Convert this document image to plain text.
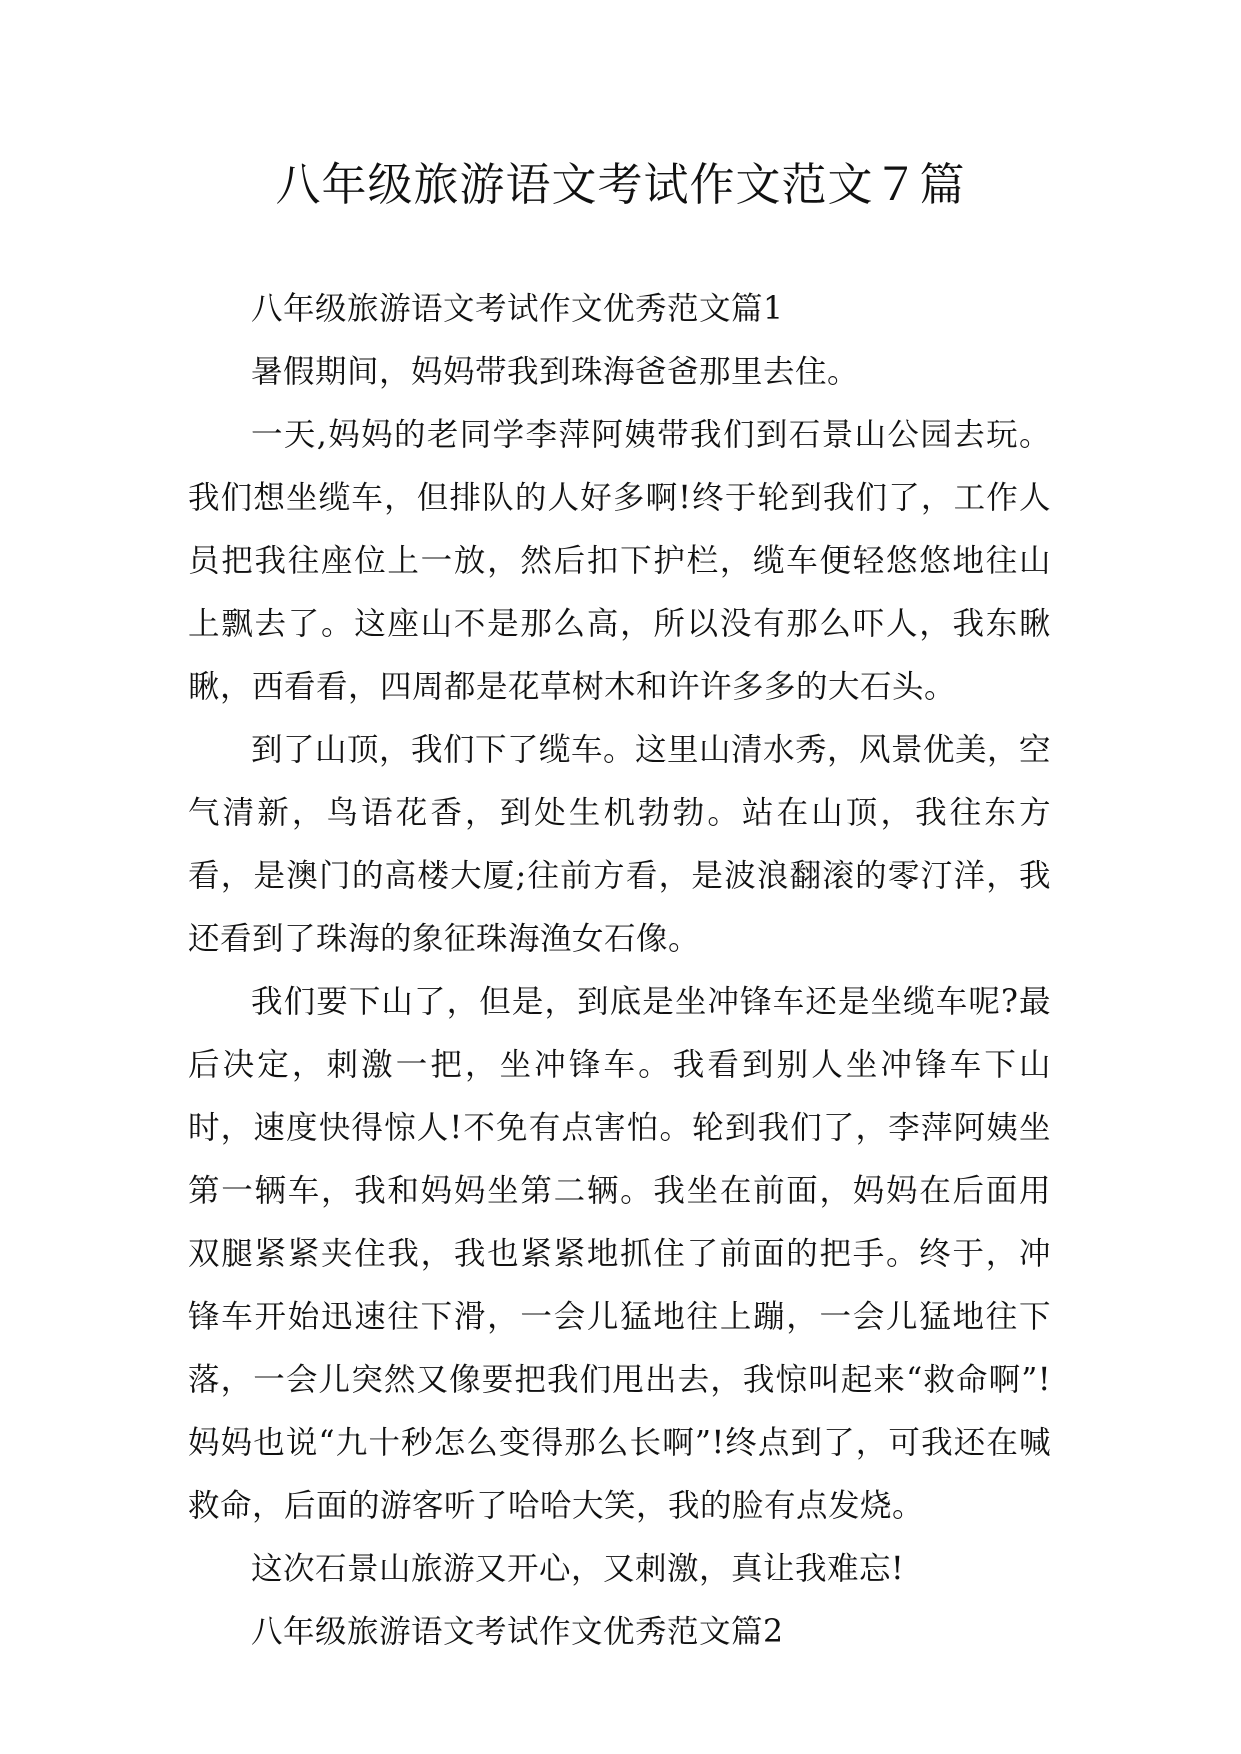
八年级旅游语文考试作文范文７篇

八年级旅游语文考试作文优秀范文篇1

暑假期间，妈妈带我到珠海爸爸那里去住。

一天,妈妈的老同学李萍阿姨带我们到石景山公园去玩。我们想坐缆车，但排队的人好多啊!终于轮到我们了，工作人员把我往座位上一放，然后扣下护栏，缆车便轻悠悠地往山上飘去了。这座山不是那么高，所以没有那么吓人，我东瞅瞅，西看看，四周都是花草树木和许许多多的大石头。

到了山顶，我们下了缆车。这里山清水秀，风景优美，空气清新，鸟语花香，到处生机勃勃。站在山顶，我往东方看，是澳门的高楼大厦;往前方看，是波浪翻滚的零汀洋，我还看到了珠海的象征珠海渔女石像。

我们要下山了，但是，到底是坐冲锋车还是坐缆车呢?最后决定，刺激一把，坐冲锋车。我看到别人坐冲锋车下山时，速度快得惊人!不免有点害怕。轮到我们了，李萍阿姨坐第一辆车，我和妈妈坐第二辆。我坐在前面，妈妈在后面用双腿紧紧夹住我，我也紧紧地抓住了前面的把手。终于，冲锋车开始迅速往下滑，一会儿猛地往上蹦，一会儿猛地往下落，一会儿突然又像要把我们甩出去，我惊叫起来“救命啊”!妈妈也说“九十秒怎么变得那么长啊”!终点到了，可我还在喊救命，后面的游客听了哈哈大笑，我的脸有点发烧。

这次石景山旅游又开心，又刺激，真让我难忘!

八年级旅游语文考试作文优秀范文篇2
